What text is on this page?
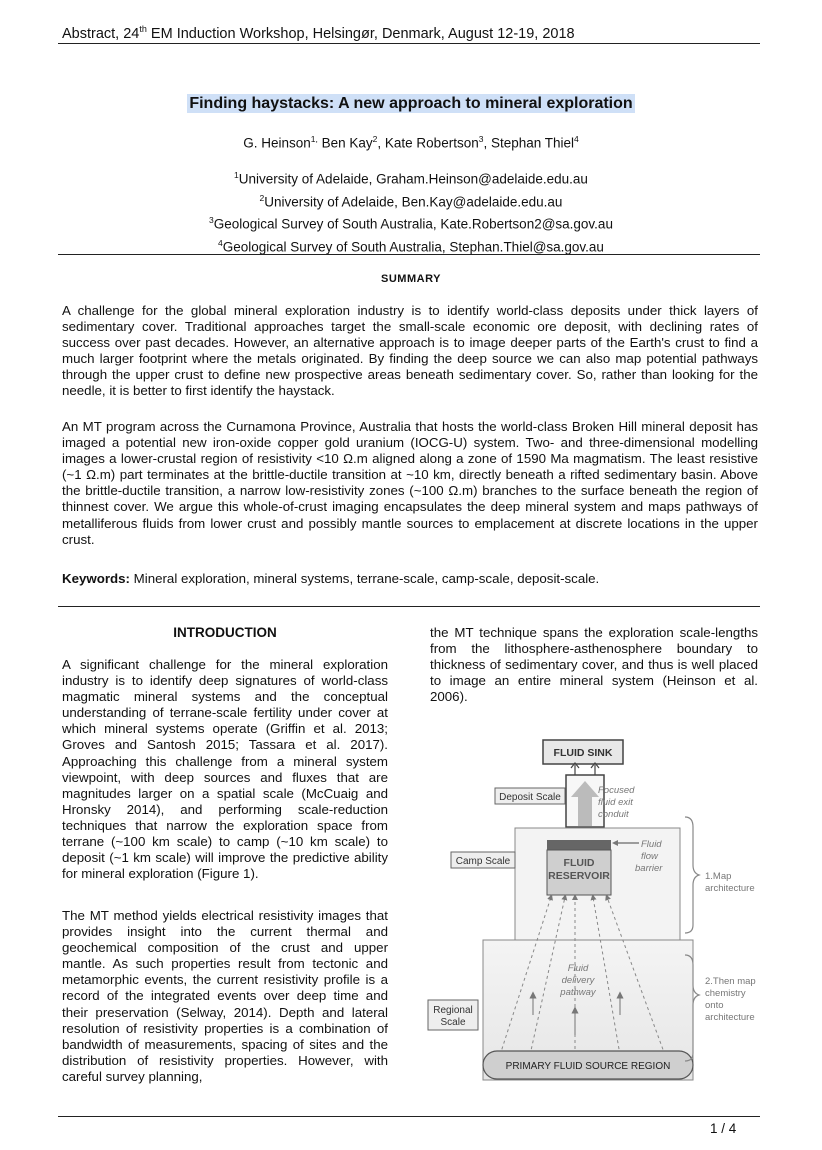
Abstract, 24th EM Induction Workshop, Helsingør, Denmark, August 12-19, 2018
Finding haystacks: A new approach to mineral exploration
G. Heinson$^{1,}$ Ben Kay$^2$, Kate Robertson$^3$, Stephan Thiel$^4$
$^1$University of Adelaide, Graham.Heinson@adelaide.edu.au
$^2$University of Adelaide, Ben.Kay@adelaide.edu.au
$^3$Geological Survey of South Australia, Kate.Robertson2@sa.gov.au
$^4$Geological Survey of South Australia, Stephan.Thiel@sa.gov.au
SUMMARY
A challenge for the global mineral exploration industry is to identify world-class deposits under thick layers of sedimentary cover. Traditional approaches target the small-scale economic ore deposit, with declining rates of success over past decades. However, an alternative approach is to image deeper parts of the Earth's crust to find a much larger footprint where the metals originated. By finding the deep source we can also map potential pathways through the upper crust to define new prospective areas beneath sedimentary cover. So, rather than looking for the needle, it is better to first identify the haystack.
An MT program across the Curnamona Province, Australia that hosts the world-class Broken Hill mineral deposit has imaged a potential new iron-oxide copper gold uranium (IOCG-U) system. Two- and three-dimensional modelling images a lower-crustal region of resistivity <10 Ω.m aligned along a zone of 1590 Ma magmatism. The least resistive (~1 Ω.m) part terminates at the brittle-ductile transition at ~10 km, directly beneath a rifted sedimentary basin. Above the brittle-ductile transition, a narrow low-resistivity zones (~100 Ω.m) branches to the surface beneath the region of thinnest cover. We argue this whole-of-crust imaging encapsulates the deep mineral system and maps pathways of metalliferous fluids from lower crust and possibly mantle sources to emplacement at discrete locations in the upper crust.
Keywords: Mineral exploration, mineral systems, terrane-scale, camp-scale, deposit-scale.
INTRODUCTION
A significant challenge for the mineral exploration industry is to identify deep signatures of world-class magmatic mineral systems and the conceptual understanding of terrane-scale fertility under cover at which mineral systems operate (Griffin et al. 2013; Groves and Santosh 2015; Tassara et al. 2017). Approaching this challenge from a mineral system viewpoint, with deep sources and fluxes that are magnitudes larger on a spatial scale (McCuaig and Hronsky 2014), and performing scale-reduction techniques that narrow the exploration space from terrane (~100 km scale) to camp (~10 km scale) to deposit (~1 km scale) will improve the predictive ability for mineral exploration (Figure 1).
The MT method yields electrical resistivity images that provides insight into the current thermal and geochemical composition of the crust and upper mantle. As such properties result from tectonic and metamorphic events, the current resistivity profile is a record of the integrated events over deep time and their preservation (Selway, 2014). Depth and lateral resolution of resistivity properties is a combination of bandwidth of measurements, spacing of sites and the distribution of resistivity properties. However, with careful survey planning,
the MT technique spans the exploration scale-lengths from the lithosphere-asthenosphere boundary to thickness of sedimentary cover, and thus is well placed to image an entire mineral system (Heinson et al. 2006).
FLUID SINK
Deposit Scale
Focused
fluid exit
conduit
Camp Scale	FLUID
RESERVOIR
Fluid
flow
barrier
Regional
Scale
Fluid
delivery
pathway
PRIMARY FLUID SOURCE REGION
1.Map
architecture
2.Then map
chemistry
onto
architecture
1 / 4
